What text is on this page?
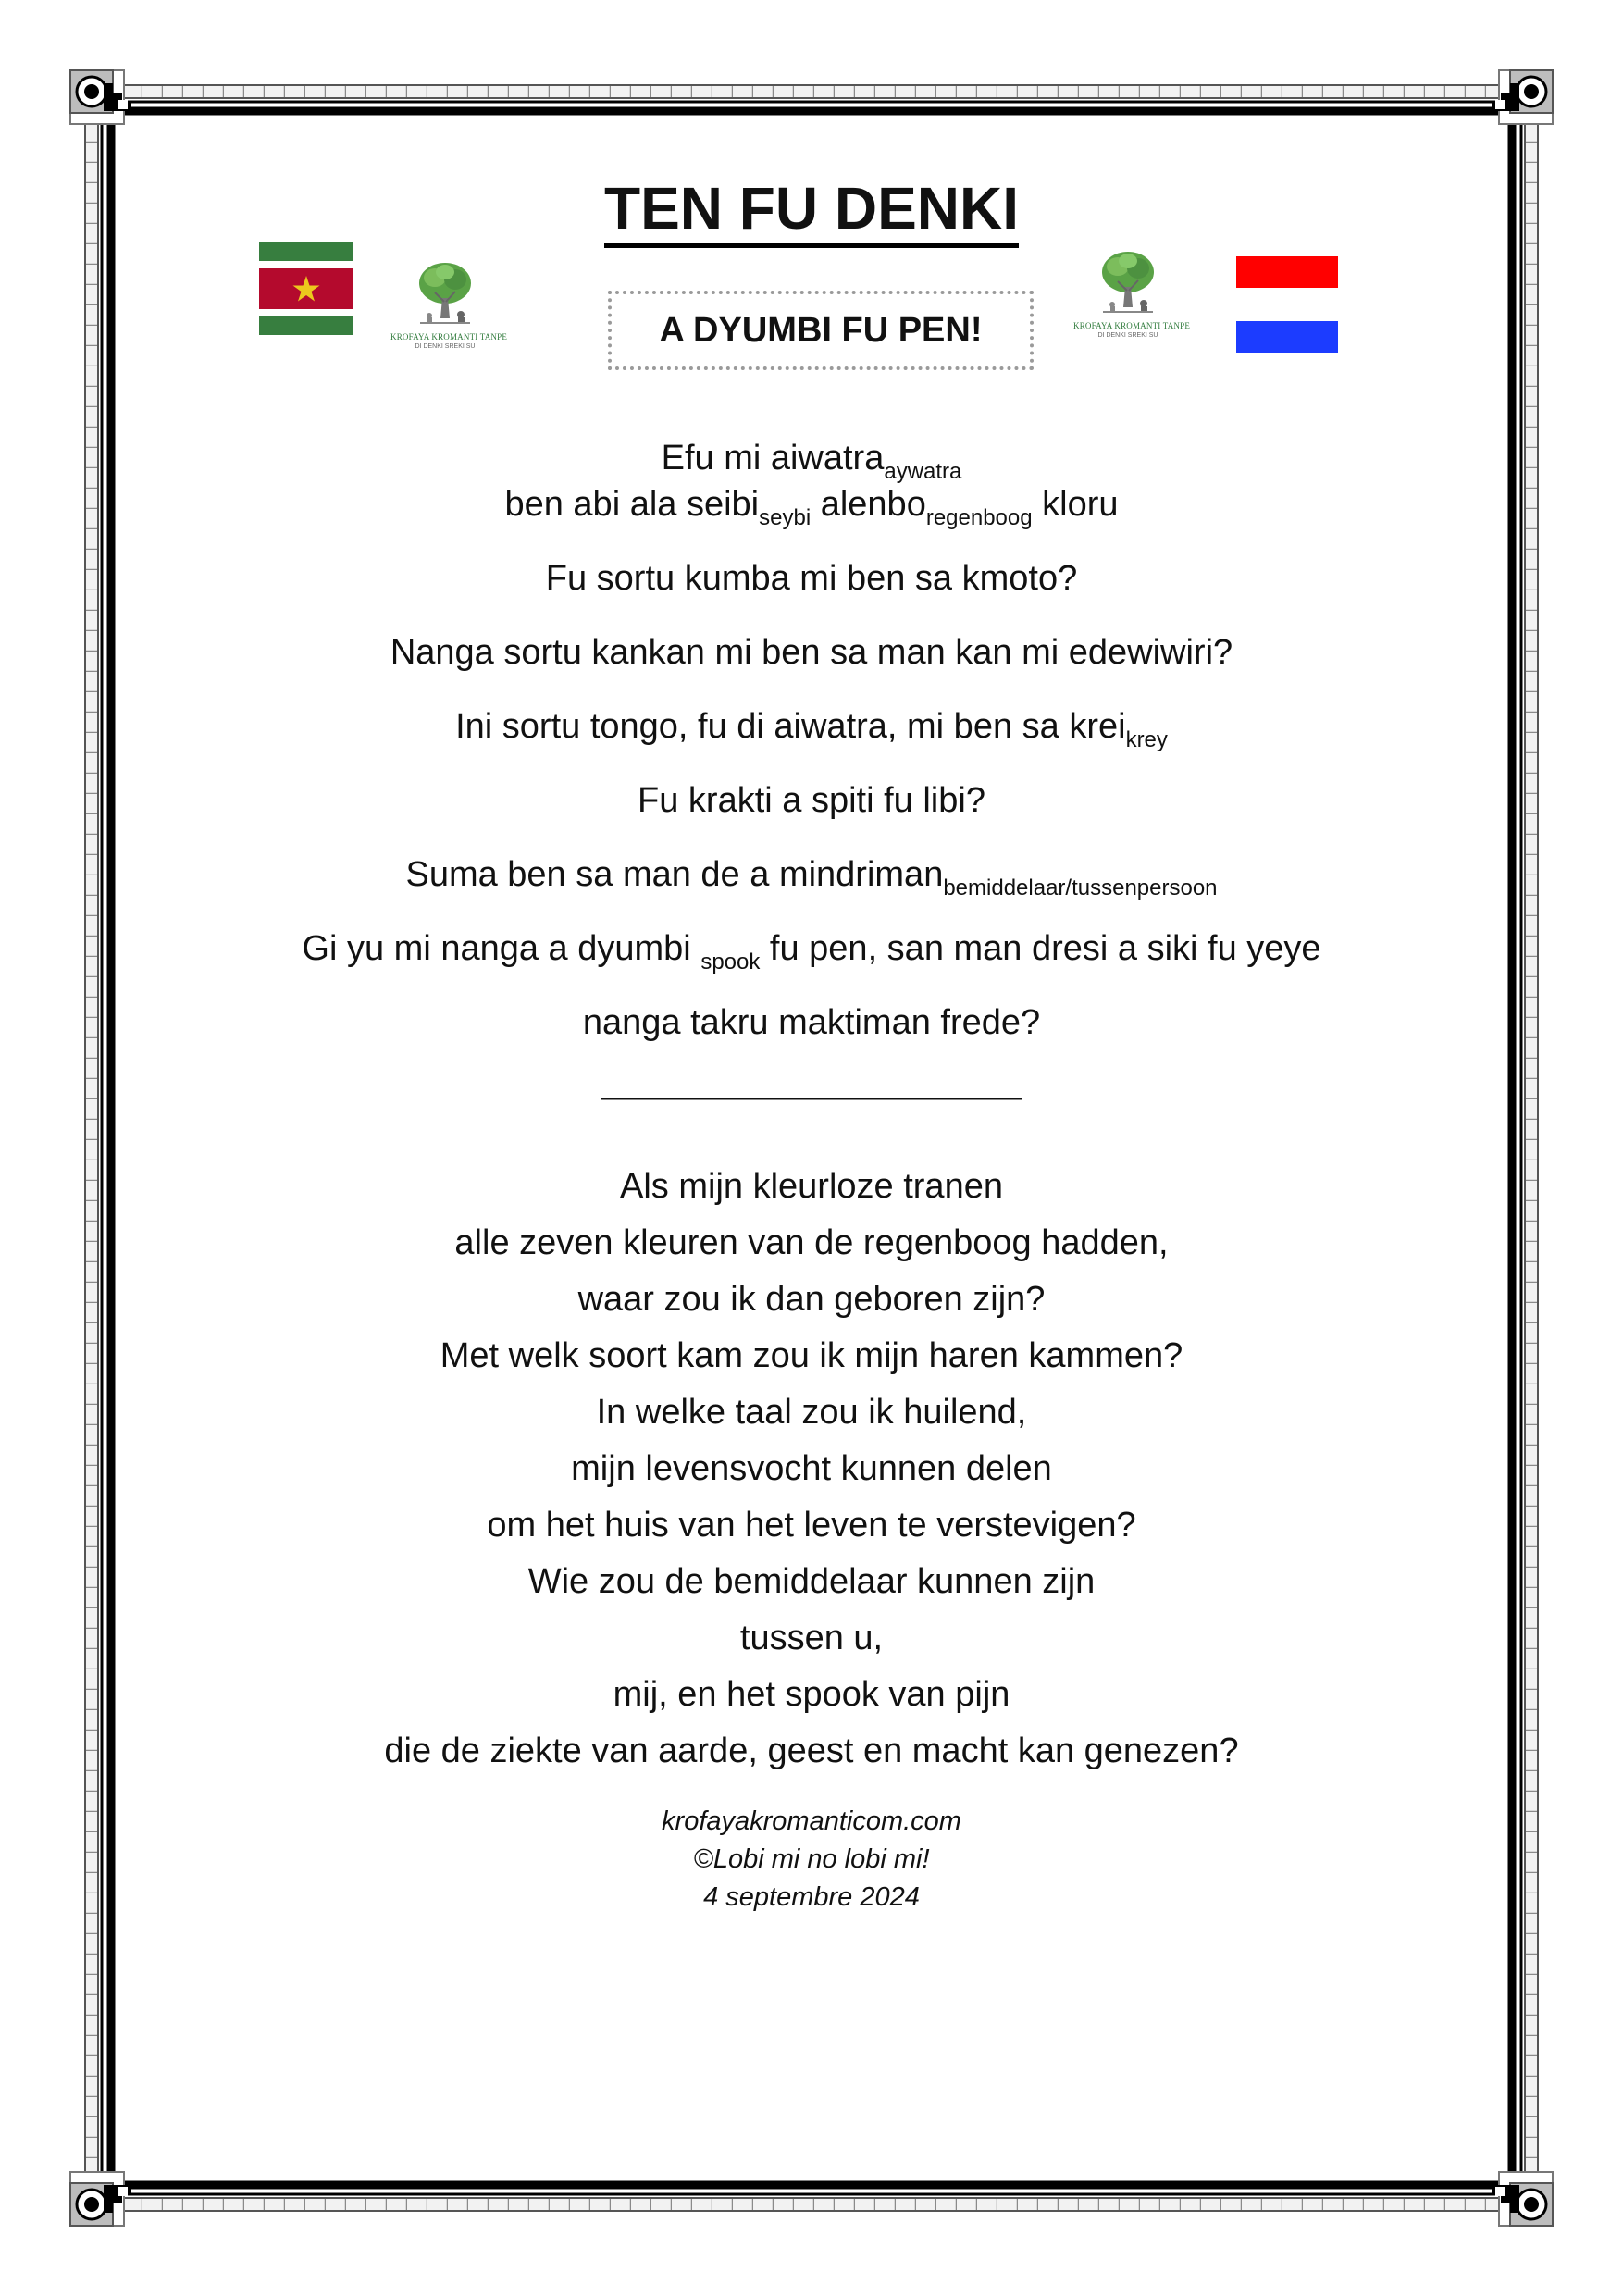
TEN FU DENKI
KROFAYA KROMANTI TANPE
DI DENKI SREKI SU	A DYUMBI FU PEN!	KROFAYA KROMANTI TANPE
DI DENKI SREKI SU

Efu mi aiwatra$_{aywatra}$

ben abi ala seibi$_{seybi}$ alenbo$_{regenboog}$ kloru

Fu sortu kumba mi ben sa kmoto?

Nanga sortu kankan mi ben sa man kan mi edewiwiri?

Ini sortu tongo, fu di aiwatra, mi ben sa krei$_{krey}$

Fu krakti a spiti fu libi?

Suma ben sa man de a mindriman$_{bemiddelaar/tussenpersoon}$

Gi yu mi nanga a dyumbi $_{spook}$ fu pen, san man dresi a siki fu yeye

nanga takru maktiman frede?

————————————

Als mijn kleurloze tranen

alle zeven kleuren van de regenboog hadden,

waar zou ik dan geboren zijn?

Met welk soort kam zou ik mijn haren kammen?

In welke taal zou ik huilend,

mijn levensvocht kunnen delen

om het huis van het leven te verstevigen?

Wie zou de bemiddelaar kunnen zijn

tussen u,

mij, en het spook van pijn

die de ziekte van aarde, geest en macht kan genezen?

krofayakromanticom.com

©Lobi mi no lobi mi!

4 septembre 2024
